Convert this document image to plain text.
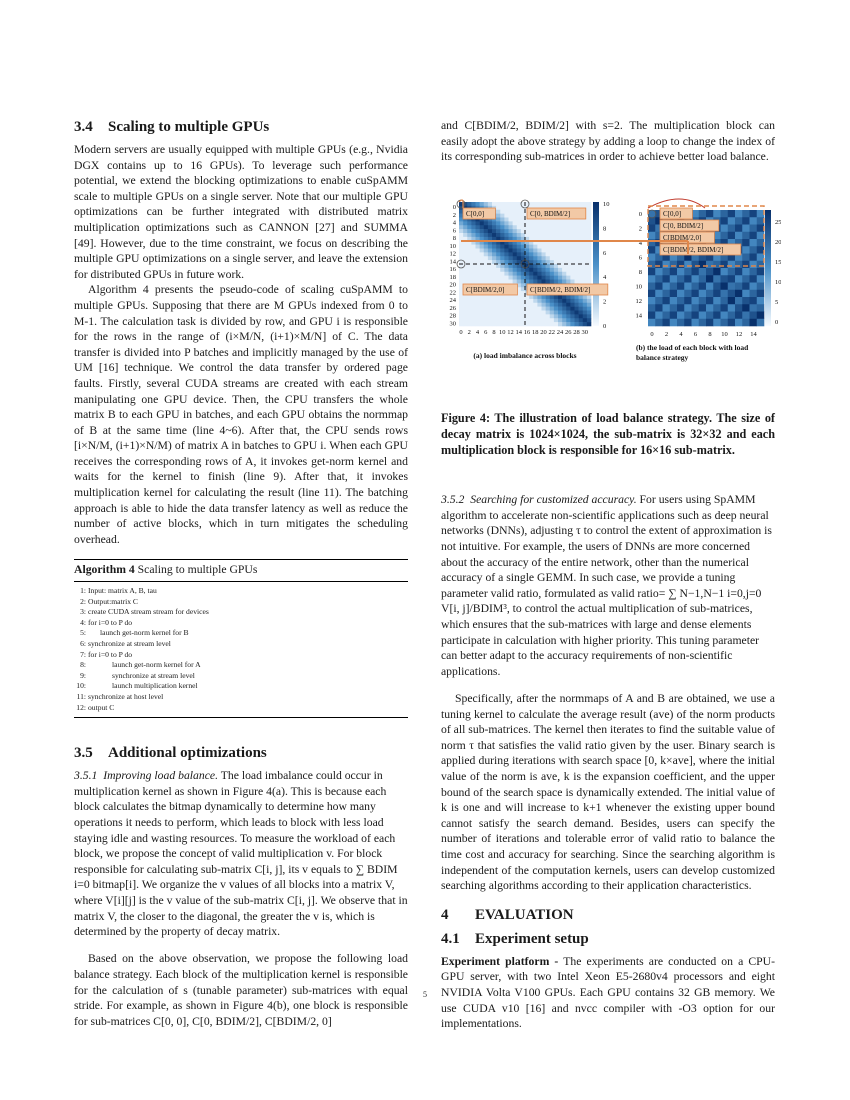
3.4 Scaling to multiple GPUs

Modern servers are usually equipped with multiple GPUs (e.g., Nvidia DGX contains up to 16 GPUs). To leverage such performance potential, we extend the blocking optimizations to enable cuSpAMM scale to multiple GPUs on a single server. Note that our multiple GPU optimizations can be further integrated with distributed matrix multiplication optimizations such as CANNON [27] and SUMMA [49]. However, due to the time constraint, we focus on describing the multiple GPU optimizations on a single server, and leave the extension for distributed GPUs in future work.

Algorithm 4 presents the pseudo-code of scaling cuSpAMM to multiple GPUs. Supposing that there are M GPUs indexed from 0 to M-1. The calculation task is divided by row, and GPU i is responsible for the rows in the range of (i×M/N, (i+1)×M/N] of C. The data transfer is divided into P batches and implicitly managed by the use of UM [16] technique. We control the data transfer by ordered page faults. Firstly, several CUDA streams are created with each stream manipulating one GPU device. Then, the CPU transfers the whole matrix B to each GPU in batches, and each GPU obtains the normmap of B at the same time (line 4~6). After that, the CPU sends rows [i×N/M, (i+1)×N/M) of matrix A in batches to GPU i. When each GPU receives the corresponding rows of A, it invokes get-norm kernel and waits for the kernel to finish (line 9). After that, it invokes multiplication kernel for calculating the result (line 11). The batching approach is able to hide the data transfer latency as well as reduce the number of active blocks, which in turn mitigates the scheduling overhead.

Algorithm 4 Scaling to multiple GPUs
1: Input: matrix A, B, tau
2: Output:matrix C
3: create CUDA stream stream for devices
4: for i=0 to P do
5: launch get-norm kernel for B
6: synchronize at stream level
7: for i=0 to P do
8:	launch get-norm kernel for A
9:	synchronize at stream level
10:	launch multiplication kernel
11: synchronize at host level
12: output C
3.5 Additional optimizations

3.5.1 Improving load balance. The load imbalance could occur in multiplication kernel as shown in Figure 4(a). This is because each block calculates the bitmap dynamically to determine how many operations it needs to perform, which leads to block with less load staying idle and wasting resources. To measure the workload of each block, we propose the concept of valid multiplication v. For block responsible for calculating sub-matrix C[i, j], its v equals to ∑ BDIM i=0 bitmap[i]. We organize the v values of all blocks into a matrix V, where V[i][j] is the v value of the sub-matrix C[i, j]. We observe that in matrix V, the closer to the diagonal, the greater the v is, which is determined by the property of decay matrix.

Based on the above observation, we propose the following load balance strategy. Each block of the multiplication kernel is responsible for the calculation of s (tunable parameter) sub-matrices with equal stride. For example, as shown in Figure 4(b), one block is responsible for sub-matrices C[0, 0], C[0, BDIM/2], C[BDIM/2, 0]

and C[BDIM/2, BDIM/2] with s=2. The multiplication block can easily adopt the above strategy by adding a loop to change the index of its corresponding sub-matrices in order to achieve better load balance.

0
2
4
6
8
10
12
14
16
18
20
22
24
26
28
30
0 2 4 6 8 10 12 14 16 18 20 22 24 26 28 30
10
8
6
4
2
0
0
2
4
6
8
10
12
14
0 2 4 6 8 10 12 14
25
20
15
10
5
0
C[0,0]	C[0, BDIM/2]
C[BDIM/2,0]	C[BDIM/2, BDIM/2]
C[0,0]
C[0, BDIM/2]
C[BDIM/2,0]
C[BDIM/2, BDIM/2]
(a) load imbalance across blocks
(b) the load of each block with load
balance strategy

Figure 4: The illustration of load balance strategy. The size of decay matrix is 1024×1024, the sub-matrix is 32×32 and each multiplication block is responsible for 16×16 sub-matrix.

3.5.2 Searching for customized accuracy. For users using SpAMM algorithm to accelerate non-scientific applications such as deep neural networks (DNNs), adjusting τ to control the extent of approximation is not intuitive. For example, the users of DNNs are more concerned about the accuracy of the entire network, other than the numerical accuracy of a single GEMM. In such case, we provide a tuning parameter valid ratio, formulated as valid ratio= ∑ N−1,N−1 i=0,j=0 V[i, j]/BDIM³, to control the actual multiplication of sub-matrices, which ensures that the sub-matrices with large and dense elements participate in calculation with higher priority. This tuning parameter can better adapt to the accuracy requirements of non-scientific applications.

Specifically, after the normmaps of A and B are obtained, we use a tuning kernel to calculate the average result (ave) of the norm products of all sub-matrices. The kernel then iterates to find the suitable value of norm τ that satisfies the valid ratio given by the user. Binary search is applied during iterations with search space [0, k×ave], where the initial value of the norm is ave, k is the expansion coefficient, and the upper bound of the search space is dynamically extended. The initial value of k is one and will increase to k+1 whenever the existing upper bound cannot satisfy the search demand. Besides, users can specify the number of iterations and tolerable error of valid ratio to balance the time cost and accuracy for searching. Since the searching algorithm is independent of the computation kernels, users can develop customized searching algorithms according to their application characteristics.

4 EVALUATION
4.1 Experiment setup

Experiment platform - The experiments are conducted on a CPU-GPU server, with two Intel Xeon E5-2680v4 processors and eight NVIDIA Volta V100 GPUs. Each GPU contains 32 GB memory. We use CUDA v10 [16] and nvcc compiler with -O3 option for our implementations.

5
